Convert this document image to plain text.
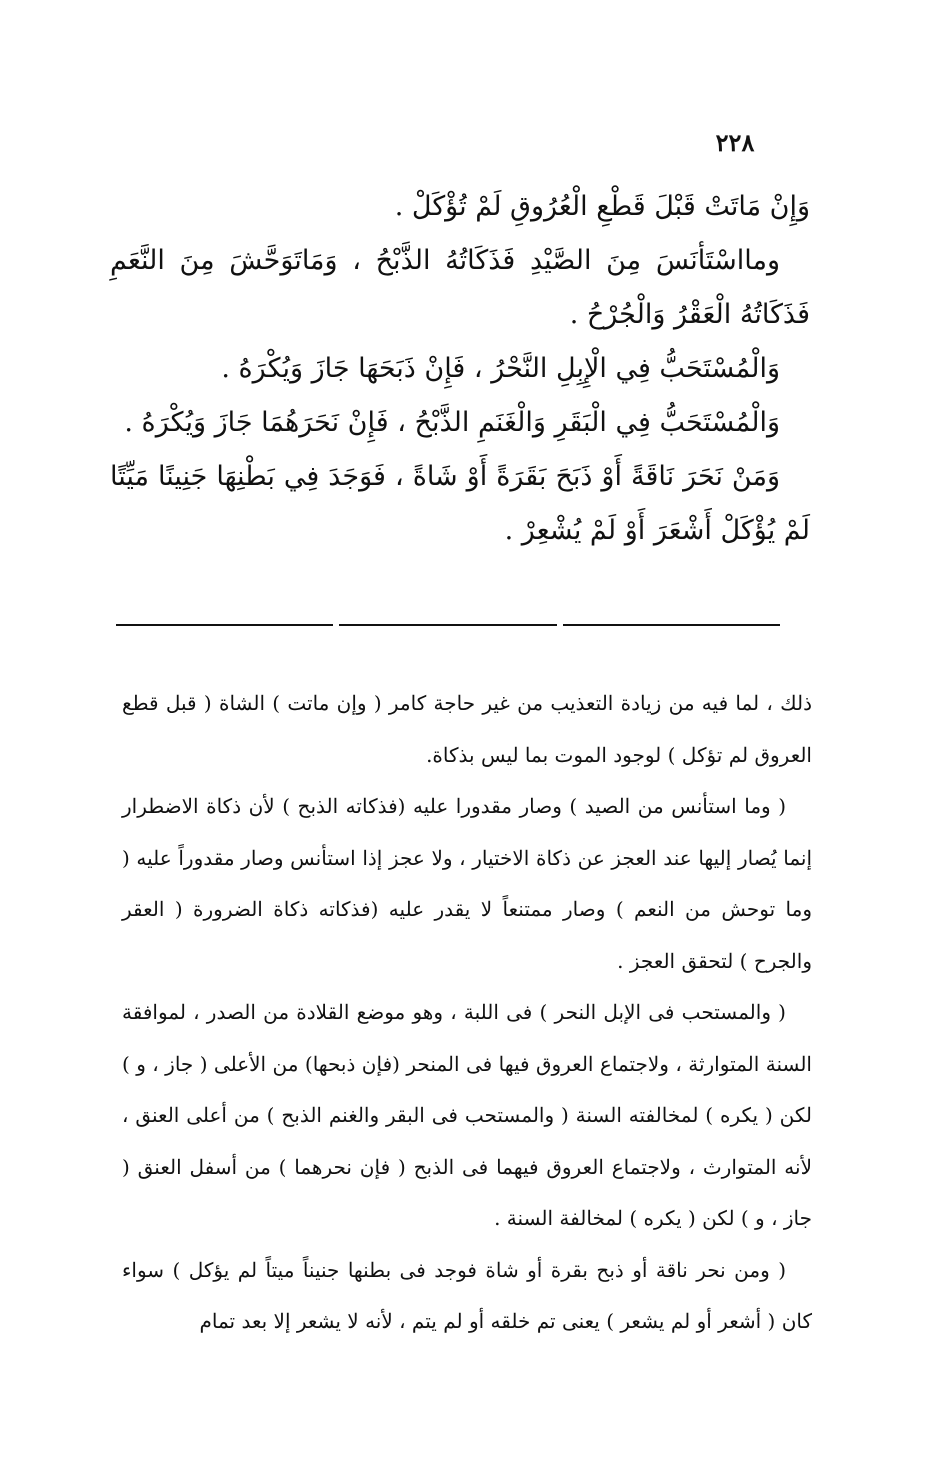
٢٢٨

وَإِنْ مَاتَتْ قَبْلَ قَطْعِ الْعُرُوقِ لَمْ تُؤْكَلْ .

ومااسْتَأنَسَ مِنَ الصَّيْدِ فَذَكَاتُهُ الذَّبْحُ ، وَمَاتَوَحَّشَ مِنَ النَّعَمِ فَذَكَاتُهُ الْعَقْرُ وَالْجُرْحُ .

وَالْمُسْتَحَبُّ فِي الْإِبِلِ النَّحْرُ ، فَإِنْ ذَبَحَهَا جَازَ وَيُكْرَهُ .

وَالْمُسْتَحَبُّ فِي الْبَقَرِ وَالْغَنَمِ الذَّبْحُ ، فَإِنْ نَحَرَهُمَا جَازَ وَيُكْرَهُ .

وَمَنْ نَحَرَ نَاقَةً أَوْ ذَبَحَ بَقَرَةً أَوْ شَاةً ، فَوَجَدَ فِي بَطْنِهَا جَنِينًا مَيِّتًا لَمْ يُؤْكَلْ أَشْعَرَ أَوْ لَمْ يُشْعِرْ .

ذلك ، لما فيه من زيادة التعذيب من غير حاجة كامر ( وإن ماتت ) الشاة ( قبل قطع العروق لم تؤكل ) لوجود الموت بما ليس بذكاة.

( وما استأنس من الصيد ) وصار مقدورا عليه (فذكاته الذبح ) لأن ذكاة الاضطرار إنما يُصار إليها عند العجز عن ذكاة الاختيار ، ولا عجز إذا استأنس وصار مقدوراً عليه ( وما توحش من النعم ) وصار ممتنعاً لا يقدر عليه (فذكاته ذكاة الضرورة ( العقر والجرح ) لتحقق العجز .

( والمستحب فى الإبل النحر ) فى اللبة ، وهو موضع القلادة من الصدر ، لموافقة السنة المتوارثة ، ولاجتماع العروق فيها فى المنحر (فإن ذبحها) من الأعلى ( جاز ، و ) لكن ( يكره ) لمخالفته السنة ( والمستحب فى البقر والغنم الذبح ) من أعلى العنق ، لأنه المتوارث ، ولاجتماع العروق فيهما فى الذبح ( فإن نحرهما ) من أسفل العنق ( جاز ، و ) لكن ( يكره ) لمخالفة السنة .

( ومن نحر ناقة أو ذبح بقرة أو شاة فوجد فى بطنها جنيناً ميتاً لم يؤكل ) سواء كان ( أشعر أو لم يشعر ) يعنى تم خلقه أو لم يتم ، لأنه لا يشعر إلا بعد تمام
